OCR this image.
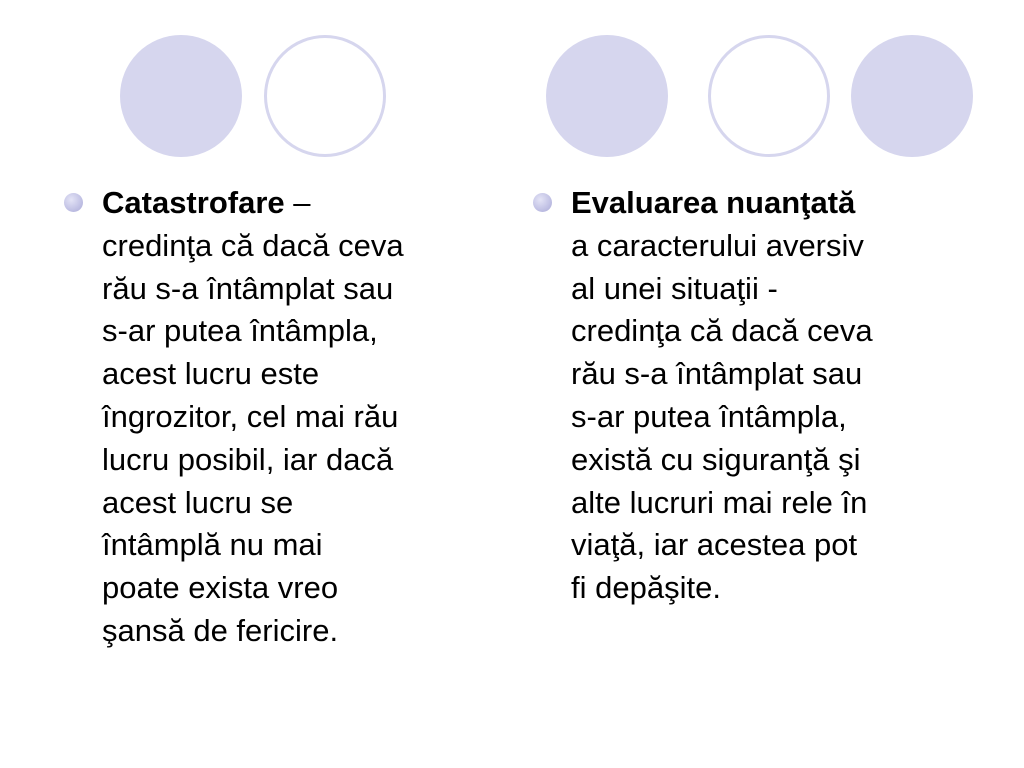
Catastrofare –
credinţa că dacă ceva
rău s-a întâmplat sau
s-ar putea întâmpla,
acest lucru este
îngrozitor, cel mai rău
lucru posibil, iar dacă
acest lucru se
întâmplă nu mai
poate exista vreo
şansă de fericire.
Evaluarea nuanţată
a caracterului aversiv
al unei situaţii -
credinţa că dacă ceva
rău s-a întâmplat sau
s-ar putea întâmpla,
există cu siguranţă şi
alte lucruri mai rele în
viaţă, iar acestea pot
fi depăşite.
